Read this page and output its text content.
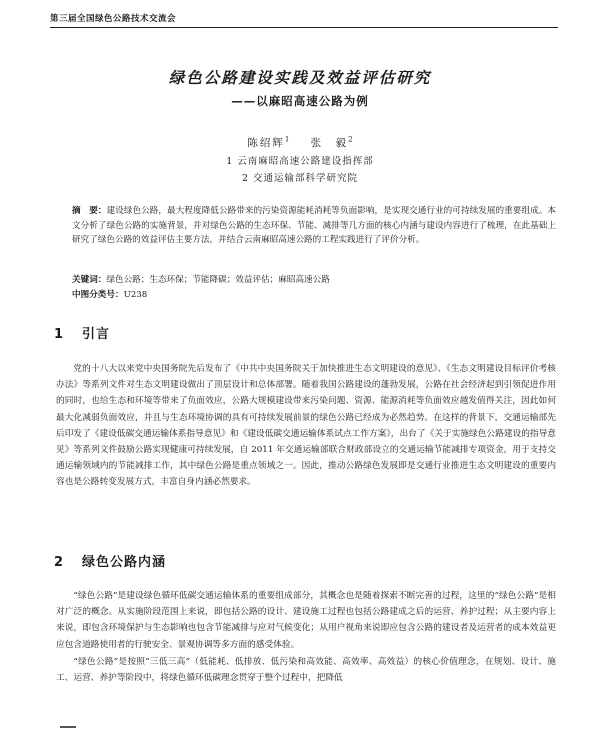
第三届全国绿色公路技术交流会
绿色公路建设实践及效益评估研究
——以麻昭高速公路为例
陈绍辉$^1$ 张　毅$^2$
1 云南麻昭高速公路建设指挥部
2 交通运输部科学研究院
摘　要：建设绿色公路，最大程度降低公路带来的污染资源能耗消耗等负面影响，是实现交通行业的可持续发展的重要组成。本文分析了绿色公路的实施背景，并对绿色公路的生态环保、节能、减排等几方面的核心内涵与建设内容进行了梳理，在此基础上研究了绿色公路的效益评估主要方法，并结合云南麻昭高速公路的工程实践进行了评价分析。
关键词：绿色公路；生态环保；节能降碳；效益评估；麻昭高速公路
中图分类号：U238
1 引言
党的十八大以来党中央国务院先后发布了《中共中央国务院关于加快推进生态文明建设的意见》、《生态文明建设目标评价考核办法》等系列文件对生态文明建设做出了顶层设计和总体部署。随着我国公路建设的蓬勃发展，公路在社会经济起到引领促进作用的同时，也给生态和环境等带来了负面效应，公路大规模建设带来污染问题、资源、能源消耗等负面效应越发值得关注，因此如何最大化减弱负面效应，并且与生态环境协调的具有可持续发展前景的绿色公路已经成为必然趋势。在这样的背景下，交通运输部先后印发了《建设低碳交通运输体系指导意见》和《建设低碳交通运输体系试点工作方案》，出台了《关于实施绿色公路建设的指导意见》等系列文件鼓励公路实现健康可持续发展，自 2011 年交通运输部联合财政部设立的交通运输节能减排专项资金，用于支持交通运输领域内的节能减排工作，其中绿色公路是重点领域之一。因此，推动公路绿色发展即是交通行业推进生态文明建设的重要内容也是公路转变发展方式，丰富自身内涵必然要求。
2 绿色公路内涵
“绿色公路”是建设绿色循环低碳交通运输体系的重要组成部分，其概念也是随着探索不断完善的过程，这里的“绿色公路”是相对广泛的概念。从实施阶段范围上来说，即包括公路的设计、建设施工过程也包括公路建成之后的运营、养护过程；从主要内容上来说，即包含环境保护与生态影响也包含节能减排与应对气候变化；从用户视角来说即应包含公路的建设者及运营者的成本效益更应包含道路使用者的行驶安全、景观协调等多方面的感受体验。
“绿色公路”是按照“三低三高”（低能耗、低排放、低污染和高效能、高效率、高效益）的核心价值理念，在规划、设计、施工、运营、养护等阶段中，将绿色循环低碳理念贯穿于整个过程中，把降低
